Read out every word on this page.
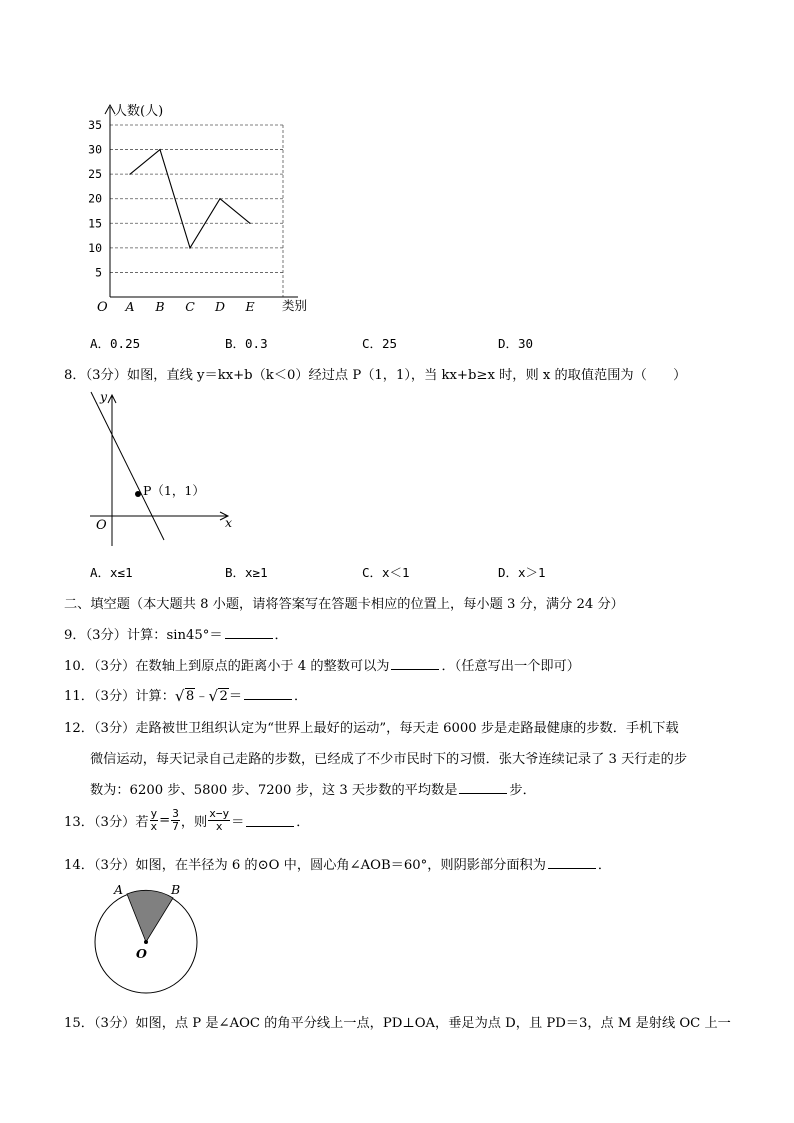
人数(人)
类别
O
5
10
15
20
25
30
35
A B C D E
A．0.25	B．0.3	C．25	D．30
8．（3分）如图，直线 y＝kx+b（k＜0）经过点 P（1，1），当 kx+b≥x 时，则 x 的取值范围为（　　）
y
x
O
P（1，1）
A．x≤1	B．x≥1	C．x＜1	D．x＞1
二、填空题（本大题共 8 小题，请将答案写在答题卡相应的位置上，每小题 3 分，满分 24 分）
9．（3分）计算：sin45°＝	．
10．（3分）在数轴上到原点的距离小于 4 的整数可以为	．（任意写出一个即可）
11．（3分）计算： √ 8﹣ √ 2＝	．
12．（3分）走路被世卫组织认定为“世界上最好的运动”，每天走 6000 步是走路最健康的步数．手机下载
微信运动，每天记录自己走路的步数，已经成了不少市民时下的习惯．张大爷连续记录了 3 天行走的步
数为：6200 步、5800 步、7200 步，这 3 天步数的平均数是	步．
13．（3分）若 $\frac{y}{x} = \frac{3}{7}$ ，则 $\frac{x-y}{x}$ ＝	．
14．（3分）如图，在半径为 6 的⊙O 中，圆心角∠AOB＝60°，则阴影部分面积为	．
A	B
O
15．（3分）如图，点 P 是∠AOC 的角平分线上一点，PD⊥OA，垂足为点 D，且 PD＝3，点 M 是射线 OC 上一
